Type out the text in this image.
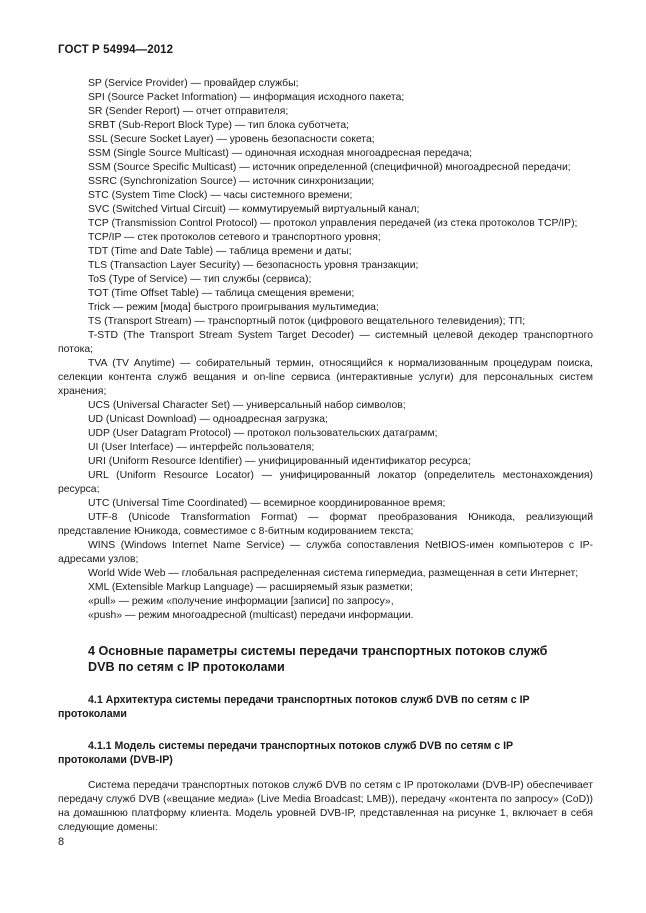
ГОСТ Р 54994—2012

SP (Service Provider) — провайдер службы;

SPI (Source Packet Information) — информация исходного пакета;

SR (Sender Report) — отчет отправителя;

SRBT (Sub-Report Block Type) — тип блока суботчета;

SSL (Secure Socket Layer) — уровень безопасности сокета;

SSM (Single Source Multicast) — одиночная исходная многоадресная передача;

SSM (Source Specific Multicast) — источник определенной (специфичной) многоадресной передачи;

SSRC (Synchronization Source) — источник синхронизации;

STC (System Time Clock) — часы системного времени;

SVC (Switched Virtual Circuit) — коммутируемый виртуальный канал;

TCP (Transmission Control Protocol) — протокол управления передачей (из стека протоколов TCP/IP);

TCP/IP — стек протоколов сетевого и транспортного уровня;

TDT (Time and Date Table) — таблица времени и даты;

TLS (Transaction Layer Security) — безопасность уровня транзакции;

ToS (Type of Service) — тип службы (сервиса);

TOT (Time Offset Table) — таблица смещения времени;

Trick — режим [мода] быстрого проигрывания мультимедиа;

TS (Transport Stream) — транспортный поток (цифрового вещательного телевидения); ТП;

T-STD (The Transport Stream System Target Decoder) — системный целевой декодер транспортного потока;

TVA (TV Anytime) — собирательный термин, относящийся к нормализованным процедурам поиска, селекции контента служб вещания и on-line сервиса (интерактивные услуги) для персональных систем хранения;

UCS (Universal Character Set) — универсальный набор символов;

UD (Unicast Download) — одноадресная загрузка;

UDP (User Datagram Protocol) — протокол пользовательских датаграмм;

UI (User Interface) — интерфейс пользователя;

URI (Uniform Resource Identifier) — унифицированный идентификатор ресурса;

URL (Uniform Resource Locator) — унифицированный локатор (определитель местонахождения) ресурса;

UTC (Universal Time Coordinated) — всемирное координированное время;

UTF-8 (Unicode Transformation Format) — формат преобразования Юникода, реализующий представление Юникода, совместимое с 8-битным кодированием текста;

WINS (Windows Internet Name Service) — служба сопоставления NetBIOS-имен компьютеров с IP-адресами узлов;

World Wide Web — глобальная распределенная система гипермедиа, размещенная в сети Интернет;

XML (Extensible Markup Language) — расширяемый язык разметки;

«pull» — режим «получение информации [записи] по запросу»,

«push» — режим многоадресной (multicast) передачи информации.

4 Основные параметры системы передачи транспортных потоков служб
DVB по сетям с IP протоколами
4.1 Архитектура системы передачи транспортных потоков служб DVB по сетям с IP
протоколами
4.1.1 Модель системы передачи транспортных потоков служб DVB по сетям с IP
протоколами (DVB-IP)

Система передачи транспортных потоков служб DVB по сетям с IP протоколами (DVB-IP) обеспечивает передачу служб DVB («вещание медиа» (Live Media Broadcast; LMB)), передачу «контента по запросу» (CoD)) на домашнюю платформу клиента. Модель уровней DVB-IP, представленная на рисунке 1, включает в себя следующие домены:

8
